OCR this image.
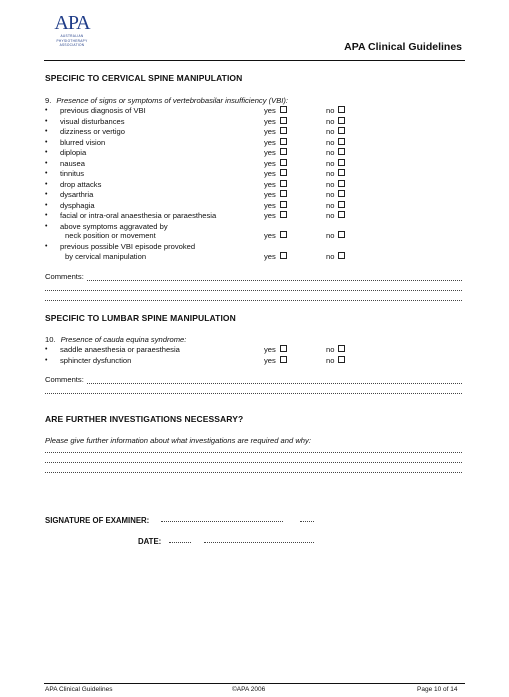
APA
AUSTRALIAN
PHYSIOTHERAPY
ASSOCIATION	APA Clinical Guidelines
SPECIFIC TO CERVICAL SPINE MANIPULATION
9. Presence of signs or symptoms of vertebrobasilar insufficiency (VBI):
• previous diagnosis of VBI	yes	no
• visual disturbances	yes	no
• dizziness or vertigo	yes	no
• blurred vision	yes	no
• diplopia	yes	no
• nausea	yes	no
• tinnitus	yes	no
• drop attacks	yes	no
• dysarthria	yes	no
• dysphagia	yes	no
• facial or intra-oral anaesthesia or paraesthesia	yes	no
• above symptoms aggravated by
neck position or movement	yes	no
• previous possible VBI episode provoked
by cervical manipulation	yes	no
Comments:
SPECIFIC TO LUMBAR SPINE MANIPULATION
10. Presence of cauda equina syndrome:
• saddle anaesthesia or paraesthesia	yes	no
• sphincter dysfunction	yes	no
Comments:
ARE FURTHER INVESTIGATIONS NECESSARY?
Please give further information about what investigations are required and why:
SIGNATURE OF EXAMINER:
DATE:
APA Clinical Guidelines	©APA 2006	Page 10 of 14
